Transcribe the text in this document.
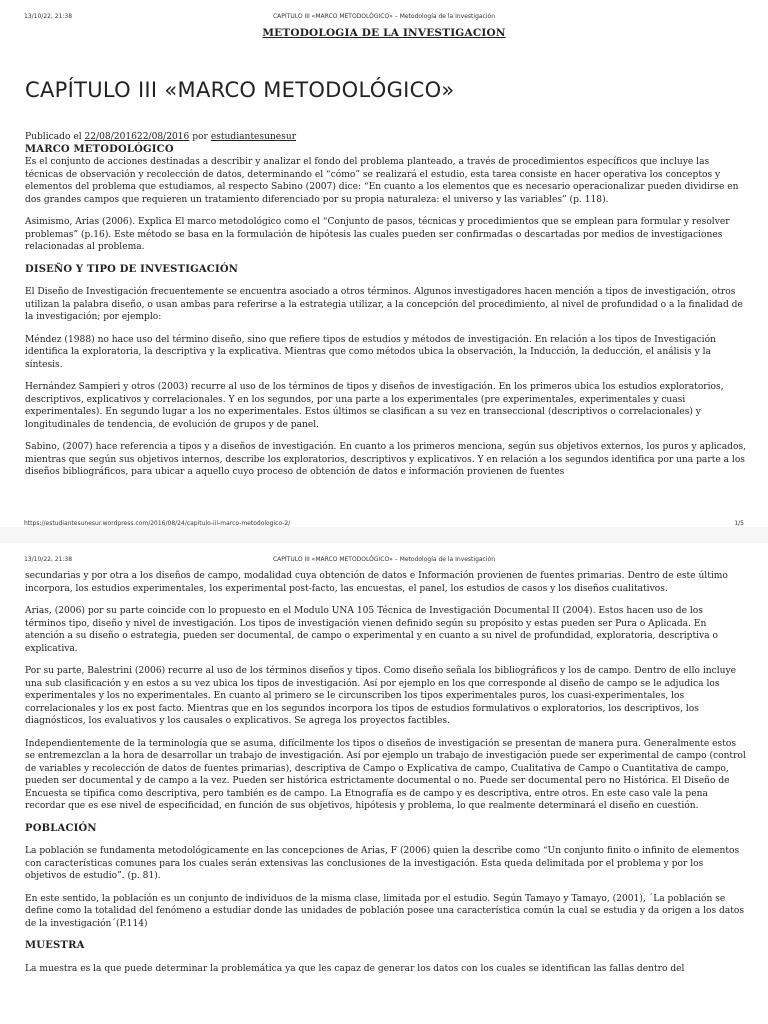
13/10/22, 21:38	CAPÍTULO III «MARCO METODOLÓGICO» – Metodología de la Investigación
METODOLOGIA DE LA INVESTIGACION
CAPÍTULO III «MARCO METODOLÓGICO»
Publicado el 22/08/201622/08/2016 por estudiantesunesur
MARCO METODOLÓGICO

Es el conjunto de acciones destinadas a describir y analizar el fondo del problema planteado, a través de procedimientos específicos que incluye las técnicas de observación y recolección de datos, determinando el “cómo” se realizará el estudio, esta tarea consiste en hacer operativa los conceptos y elementos del problema que estudiamos, al respecto Sabino (2007) dice: “En cuanto a los elementos que es necesario operacionalizar pueden dividirse en dos grandes campos que requieren un tratamiento diferenciado por su propia naturaleza: el universo y las variables” (p. 118).

Asimismo, Arias (2006). Explica El marco metodológico como el “Conjunto de pasos, técnicas y procedimientos que se emplean para formular y resolver problemas” (p.16). Este método se basa en la formulación de hipótesis las cuales pueden ser confirmadas o descartadas por medios de investigaciones relacionadas al problema.

DISEÑO Y TIPO DE INVESTIGACIÓN

El Diseño de Investigación frecuentemente se encuentra asociado a otros términos. Algunos investigadores hacen mención a tipos de investigación, otros utilizan la palabra diseño, o usan ambas para referirse a la estrategia utilizar, a la concepción del procedimiento, al nivel de profundidad o a la finalidad de la investigación; por ejemplo:

Méndez (1988) no hace uso del término diseño, sino que refiere tipos de estudios y métodos de investigación. En relación a los tipos de Investigación identifica la exploratoria, la descriptiva y la explicativa. Mientras que como métodos ubica la observación, la Inducción, la deducción, el análisis y la síntesis.

Hernández Sampieri y otros (2003) recurre al uso de los términos de tipos y diseños de investigación. En los primeros ubica los estudios exploratorios, descriptivos, explicativos y correlacionales. Y en los segundos, por una parte a los experimentales (pre experimentales, experimentales y cuasi experimentales). En segundo lugar a los no experimentales. Estos últimos se clasifican a su vez en transeccional (descriptivos o correlacionales) y longitudinales de tendencia, de evolución de grupos y de panel.

Sabino, (2007) hace referencia a tipos y a diseños de investigación. En cuanto a los primeros menciona, según sus objetivos externos, los puros y aplicados, mientras que según sus objetivos internos, describe los exploratorios, descriptivos y explicativos. Y en relación a los segundos identifica por una parte a los diseños bibliográficos, para ubicar a aquello cuyo proceso de obtención de datos e información provienen de fuentes

https://estudiantesunesur.wordpress.com/2016/08/24/capitulo-iii-marco-metodologico-2/	1/5
13/10/22, 21:38	CAPÍTULO III «MARCO METODOLÓGICO» – Metodología de la Investigación

secundarias y por otra a los diseños de campo, modalidad cuya obtención de datos e Información provienen de fuentes primarias. Dentro de este último incorpora, los estudios experimentales, los experimental post-facto, las encuestas, el panel, los estudios de casos y los diseños cualitativos.

Arias, (2006) por su parte coincide con lo propuesto en el Modulo UNA 105 Técnica de Investigación Documental II (2004). Estos hacen uso de los términos tipo, diseño y nivel de investigación. Los tipos de investigación vienen definido según su propósito y estas pueden ser Pura o Aplicada. En atención a su diseño o estrategia, pueden ser documental, de campo o experimental y en cuanto a su nivel de profundidad, exploratoria, descriptiva o explicativa.

Por su parte, Balestrini (2006) recurre al uso de los términos diseños y tipos. Como diseño señala los bibliográficos y los de campo. Dentro de ello incluye una sub clasificación y en estos a su vez ubica los tipos de investigación. Así por ejemplo en los que corresponde al diseño de campo se le adjudica los experimentales y los no experimentales. En cuanto al primero se le circunscriben los tipos experimentales puros, los cuasi-experimentales, los correlacionales y los ex post facto. Mientras que en los segundos incorpora los tipos de estudios formulativos o exploratorios, los descriptivos, los diagnósticos, los evaluativos y los causales o explicativos. Se agrega los proyectos factibles.

Independientemente de la terminología que se asuma, difícilmente los tipos o diseños de investigación se presentan de manera pura. Generalmente estos se entremezclan a la hora de desarrollar un trabajo de investigación. Así por ejemplo un trabajo de investigación puede ser experimental de campo (control de variables y recolección de datos de fuentes primarias), descriptiva de Campo o Explicativa de campo, Cualitativa de Campo o Cuantitativa de campo, pueden ser documental y de campo a la vez. Pueden ser histórica estrictamente documental o no. Puede ser documental pero no Histórica. El Diseño de Encuesta se tipifica como descriptiva, pero también es de campo. La Etnografía es de campo y es descriptiva, entre otros. En este caso vale la pena recordar que es ese nivel de especificidad, en función de sus objetivos, hipótesis y problema, lo que realmente determinará el diseño en cuestión.

POBLACIÓN

La población se fundamenta metodológicamente en las concepciones de Arias, F (2006) quien la describe como “Un conjunto finito o infinito de elementos con características comunes para los cuales serán extensivas las conclusiones de la investigación. Esta queda delimitada por el problema y por los objetivos de estudio”. (p. 81).

En este sentido, la población es un conjunto de individuos de la misma clase, limitada por el estudio. Según Tamayo y Tamayo, (2001), ´La población se define como la totalidad del fenómeno a estudiar donde las unidades de población posee una característica común la cual se estudia y da origen a los datos de la investigación´(P.114)

MUESTRA

La muestra es la que puede determinar la problemática ya que les capaz de generar los datos con los cuales se identifican las fallas dentro del
